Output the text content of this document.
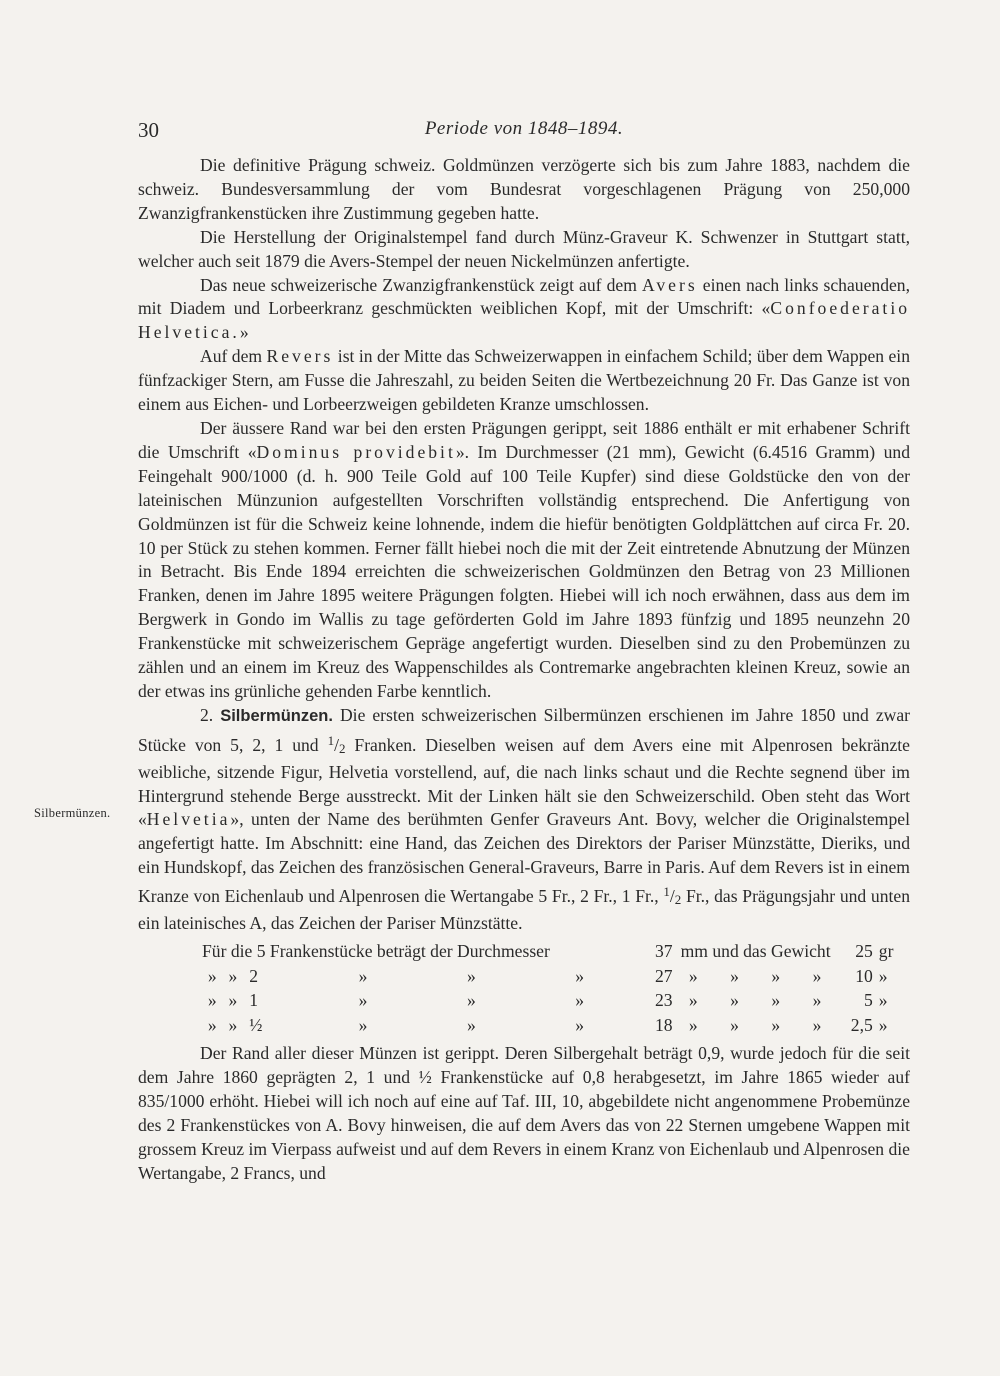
30	Periode von 1848–1894.
Silbermünzen.

Die definitive Prägung schweiz. Goldmünzen verzögerte sich bis zum Jahre 1883, nachdem die schweiz. Bundesversammlung der vom Bundesrat vorgeschlagenen Prägung von 250,000 Zwanzigfrankenstücken ihre Zustimmung gegeben hatte.

Die Herstellung der Originalstempel fand durch Münz-Graveur K. Schwenzer in Stuttgart statt, welcher auch seit 1879 die Avers-Stempel der neuen Nickelmünzen anfertigte.

Das neue schweizerische Zwanzigfrankenstück zeigt auf dem Avers einen nach links schauenden, mit Diadem und Lorbeerkranz geschmückten weiblichen Kopf, mit der Umschrift: «Confoederatio Helvetica.»

Auf dem Revers ist in der Mitte das Schweizerwappen in einfachem Schild; über dem Wappen ein fünfzackiger Stern, am Fusse die Jahreszahl, zu beiden Seiten die Wertbezeichnung 20 Fr. Das Ganze ist von einem aus Eichen- und Lorbeerzweigen gebildeten Kranze umschlossen.

Der äussere Rand war bei den ersten Prägungen gerippt, seit 1886 enthält er mit erhabener Schrift die Umschrift «Dominus providebit». Im Durchmesser (21 mm), Gewicht (6.4516 Gramm) und Feingehalt 900/1000 (d. h. 900 Teile Gold auf 100 Teile Kupfer) sind diese Goldstücke den von der lateinischen Münzunion aufgestellten Vorschriften vollständig entsprechend. Die Anfertigung von Goldmünzen ist für die Schweiz keine lohnende, indem die hiefür benötigten Goldplättchen auf circa Fr. 20. 10 per Stück zu stehen kommen. Ferner fällt hiebei noch die mit der Zeit eintretende Abnutzung der Münzen in Betracht. Bis Ende 1894 erreichten die schweizerischen Goldmünzen den Betrag von 23 Millionen Franken, denen im Jahre 1895 weitere Prägungen folgten. Hiebei will ich noch erwähnen, dass aus dem im Bergwerk in Gondo im Wallis zu tage geförderten Gold im Jahre 1893 fünfzig und 1895 neunzehn 20 Frankenstücke mit schweizerischem Gepräge angefertigt wurden. Dieselben sind zu den Probemünzen zu zählen und an einem im Kreuz des Wappenschildes als Contremarke angebrachten kleinen Kreuz, sowie an der etwas ins grünliche gehenden Farbe kenntlich.

2. Silbermünzen. Die ersten schweizerischen Silbermünzen erschienen im Jahre 1850 und zwar Stücke von 5, 2, 1 und $^1$/2 Franken. Dieselben weisen auf dem Avers eine mit Alpenrosen bekränzte weibliche, sitzende Figur, Helvetia vorstellend, auf, die nach links schaut und die Rechte segnend über im Hintergrund stehende Berge ausstreckt. Mit der Linken hält sie den Schweizerschild. Oben steht das Wort «Helvetia», unten der Name des berühmten Genfer Graveurs Ant. Bovy, welcher die Originalstempel angefertigt hatte. Im Abschnitt: eine Hand, das Zeichen des Direktors der Pariser Münzstätte, Dieriks, und ein Hundskopf, das Zeichen des französischen General-Graveurs, Barre in Paris. Auf dem Revers ist in einem Kranze von Eichenlaub und Alpenrosen die Wertangabe 5 Fr., 2 Fr., 1 Fr., $^1$/2 Fr., das Prägungsjahr und unten ein lateinisches A, das Zeichen der Pariser Münzstätte.

	Für die 5 Frankenstücke beträgt der Durchmesser						37	mm und das Gewicht				25	gr
	»	»	2	»	»	»	27	»	»	»	»	10	»
	»	»	1	»	»	»	23	»	»	»	»	5	»
	»	»	½	»	»	»	18	»	»	»	»	2,5	»

Der Rand aller dieser Münzen ist gerippt. Deren Silbergehalt beträgt 0,9, wurde jedoch für die seit dem Jahre 1860 geprägten 2, 1 und ½ Frankenstücke auf 0,8 herabgesetzt, im Jahre 1865 wieder auf 835/1000 erhöht. Hiebei will ich noch auf eine auf Taf. III, 10, abgebildete nicht angenommene Probemünze des 2 Frankenstückes von A. Bovy hinweisen, die auf dem Avers das von 22 Sternen umgebene Wappen mit grossem Kreuz im Vierpass aufweist und auf dem Revers in einem Kranz von Eichenlaub und Alpenrosen die Wertangabe, 2 Francs, und
